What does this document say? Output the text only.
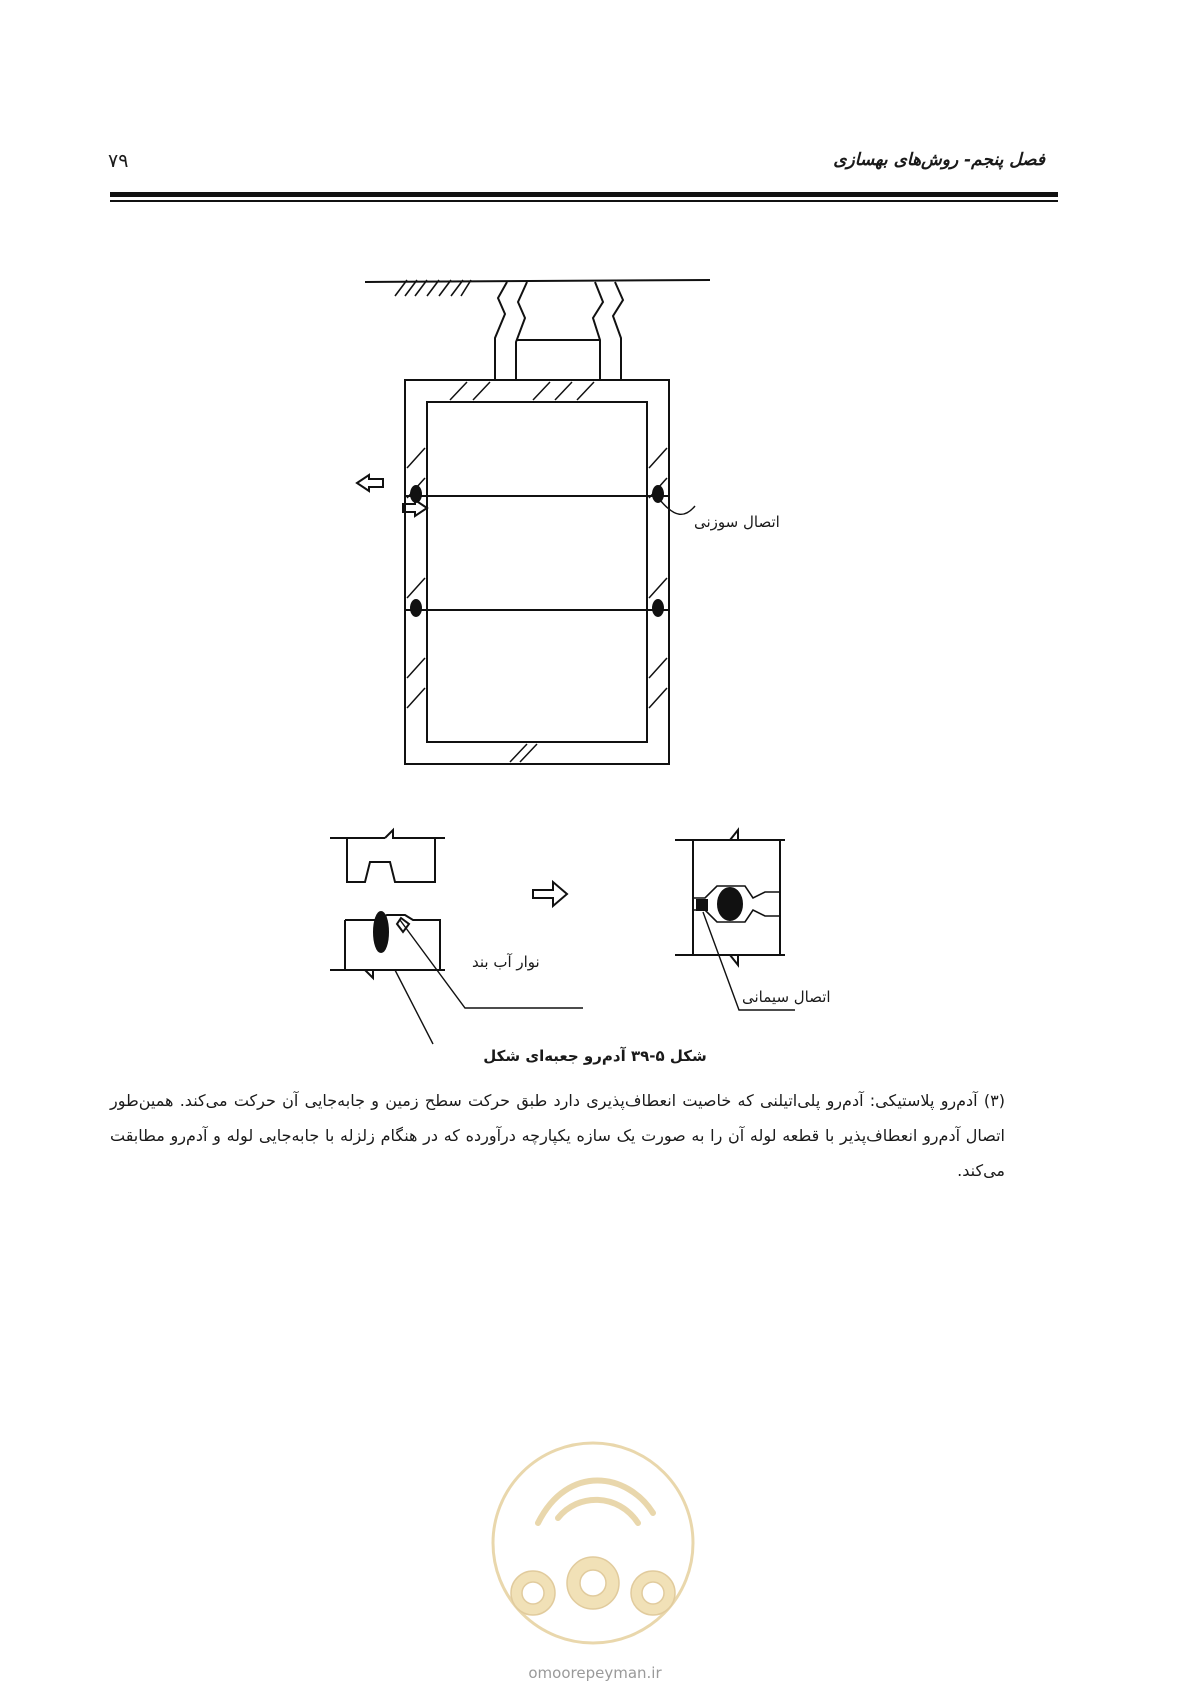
فصل پنجم- روش‌های بهسازی
۷۹
اتصال سوزنی
نوار آب بند
اتصال سیمانی
شکل ۵-۳۹ آدم‌رو جعبه‌ای شکل

(۳) آدم‌رو پلاستیکی: آدم‌رو پلی‌اتیلنی که خاصیت انعطاف‌پذیری دارد طبق حرکت سطح زمین و جابه‌جایی آن حرکت می‌کند. همین‌طور اتصال آدم‌رو انعطاف‌پذیر با قطعه لوله آن را به صورت یک سازه یکپارچه درآورده که در هنگام زلزله با جابه‌جایی لوله و آدم‌رو مطابقت می‌کند.

omoorepeyman.ir
